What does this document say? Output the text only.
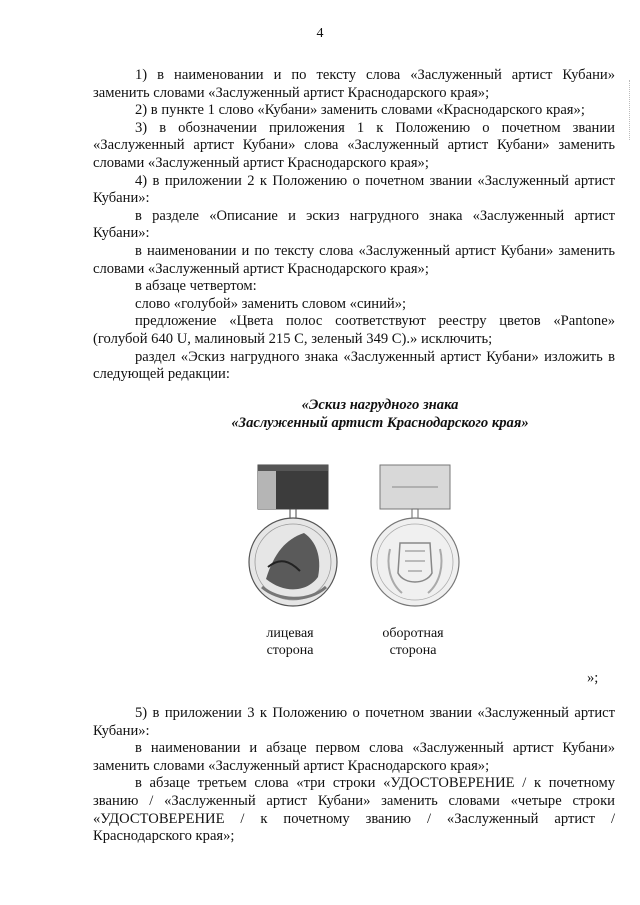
4

1) в наименовании и по тексту слова «Заслуженный артист Кубани» заменить словами «Заслуженный артист Краснодарского края»;

2) в пункте 1 слово «Кубани» заменить словами «Краснодарского края»;

3) в обозначении приложения 1 к Положению о почетном звании «Заслуженный артист Кубани» слова «Заслуженный артист Кубани» заменить словами «Заслуженный артист Краснодарского края»;

4) в приложении 2 к Положению о почетном звании «Заслуженный артист Кубани»:

в разделе «Описание и эскиз нагрудного знака «Заслуженный артист Кубани»:

в наименовании и по тексту слова «Заслуженный артист Кубани» заменить словами «Заслуженный артист Краснодарского края»;

в абзаце четвертом:

слово «голубой» заменить словом «синий»;

предложение «Цвета полос соответствуют реестру цветов «Pantone» (голубой 640 U, малиновый 215 C, зеленый 349 C).» исключить;

раздел «Эскиз нагрудного знака «Заслуженный артист Кубани» изложить в следующей редакции:

«Эскиз нагрудного знака
«Заслуженный артист Краснодарского края»
лицевая
сторона
оборотная
сторона
»;

5) в приложении 3 к Положению о почетном звании «Заслуженный артист Кубани»:

в наименовании и абзаце первом слова «Заслуженный артист Кубани» заменить словами «Заслуженный артист Краснодарского края»;

в абзаце третьем слова «три строки «УДОСТОВЕРЕНИЕ / к почетному званию / «Заслуженный артист Кубани» заменить словами «четыре строки «УДОСТОВЕРЕНИЕ / к почетному званию / «Заслуженный артист / Краснодарского края»;
